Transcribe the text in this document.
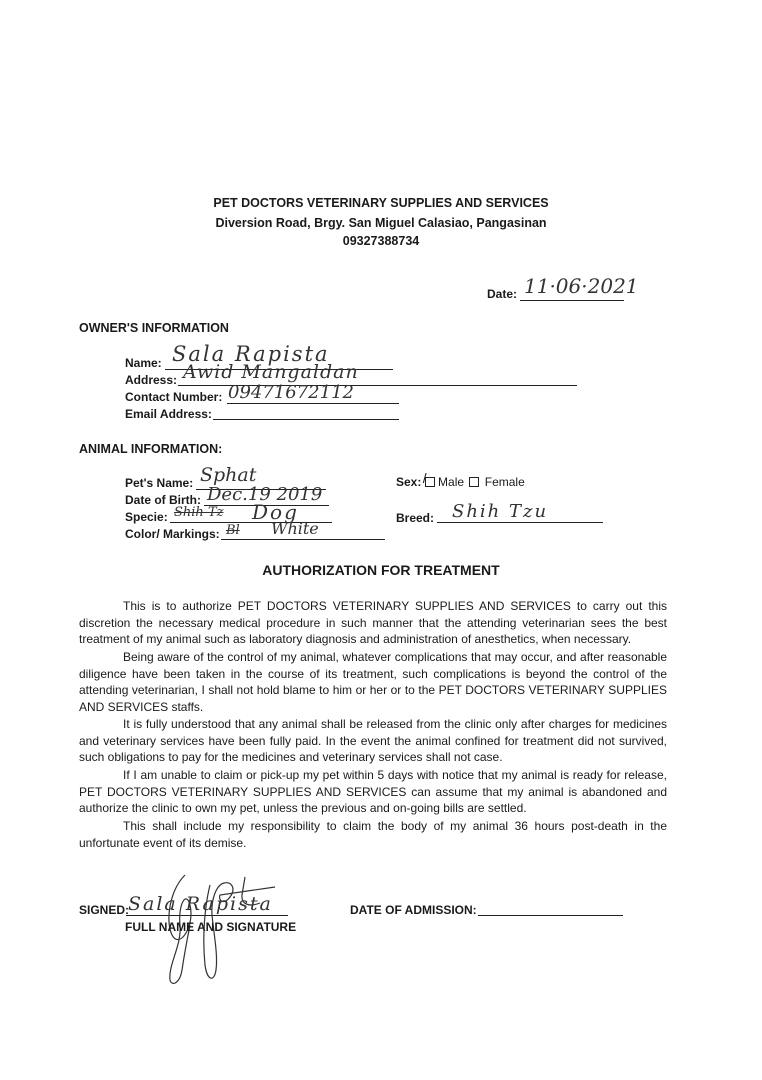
PET DOCTORS VETERINARY SUPPLIES AND SERVICES
Diversion Road, Brgy. San Miguel Calasiao, Pangasinan
09327388734
Date: 11·06·2021
OWNER'S INFORMATION
Name: Sala Rapista
Address: Awid Mangaldan
Contact Number: 09471672112
Email Address:
ANIMAL INFORMATION:
Pet's Name: Sphat
Date of Birth: Dec.19 2019
Specie: Shih Tz Dog
Color/ Markings: Bl White
Sex: / Male Female
Breed: Shih Tzu
AUTHORIZATION FOR TREATMENT

This is to authorize PET DOCTORS VETERINARY SUPPLIES AND SERVICES to carry out this discretion the necessary medical procedure in such manner that the attending veterinarian sees the best treatment of my animal such as laboratory diagnosis and administration of anesthetics, when necessary.

Being aware of the control of my animal, whatever complications that may occur, and after reasonable diligence have been taken in the course of its treatment, such complications is beyond the control of the attending veterinarian, I shall not hold blame to him or her or to the PET DOCTORS VETERINARY SUPPLIES AND SERVICES staffs.

It is fully understood that any animal shall be released from the clinic only after charges for medicines and veterinary services have been fully paid. In the event the animal confined for treatment did not survived, such obligations to pay for the medicines and veterinary services shall not case.

If I am unable to claim or pick-up my pet within 5 days with notice that my animal is ready for release, PET DOCTORS VETERINARY SUPPLIES AND SERVICES can assume that my animal is abandoned and authorize the clinic to own my pet, unless the previous and on-going bills are settled.

This shall include my responsibility to claim the body of my animal 36 hours post-death in the unfortunate event of its demise.

SIGNED:
Sala Rapista
FULL NAME AND SIGNATURE
DATE OF ADMISSION:
